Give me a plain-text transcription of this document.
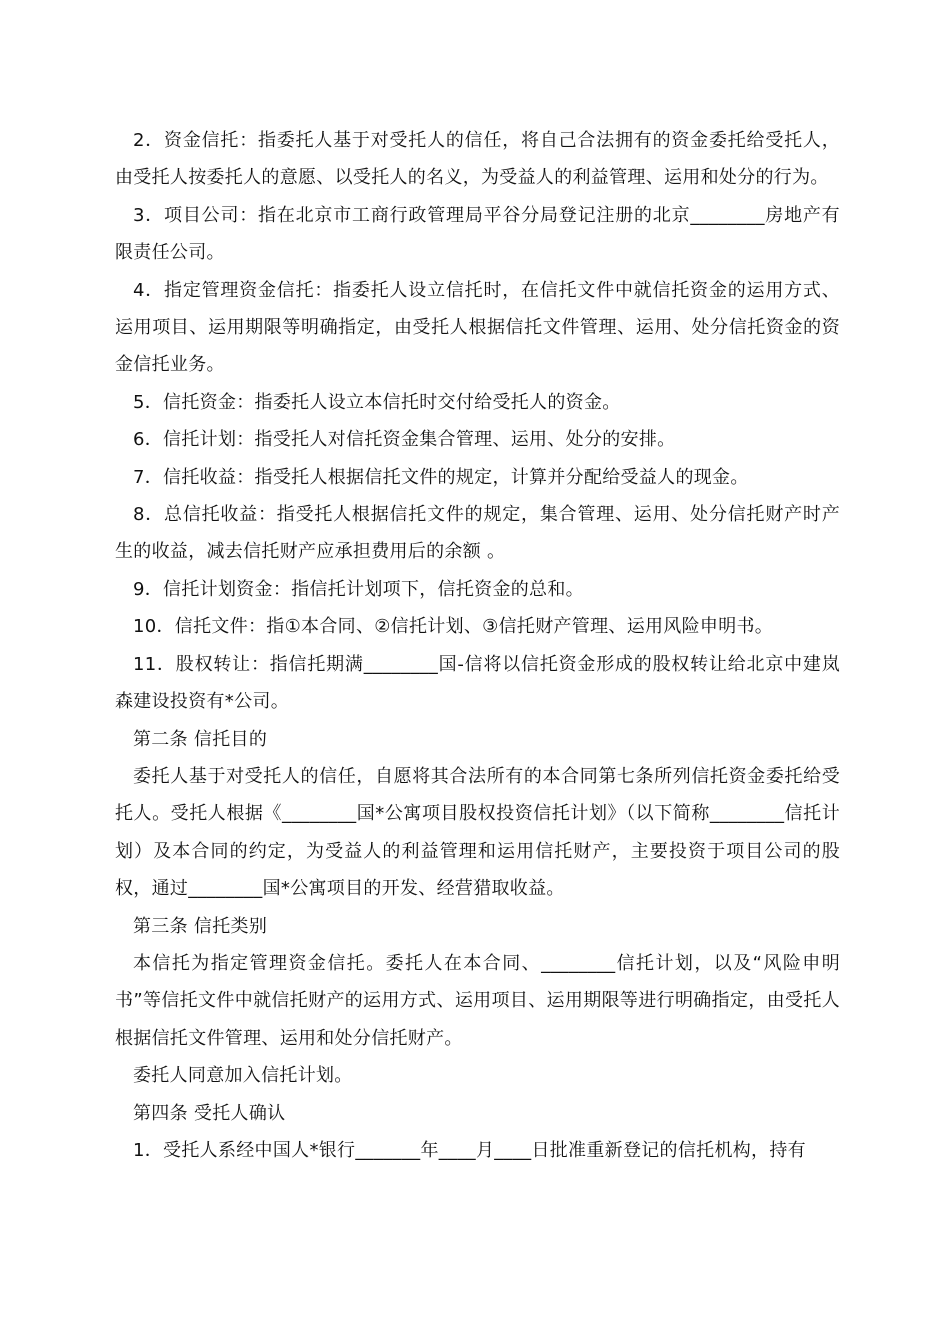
2．资金信托：指委托人基于对受托人的信任，将自己合法拥有的资金委托给受托人，由受托人按委托人的意愿、以受托人的名义，为受益人的利益管理、运用和处分的行为。

3．项目公司：指在北京市工商行政管理局平谷分局登记注册的北京________房地产有限责任公司。

4．指定管理资金信托：指委托人设立信托时，在信托文件中就信托资金的运用方式、运用项目、运用期限等明确指定，由受托人根据信托文件管理、运用、处分信托资金的资金信托业务。

5．信托资金：指委托人设立本信托时交付给受托人的资金。

6．信托计划：指受托人对信托资金集合管理、运用、处分的安排。

7．信托收益：指受托人根据信托文件的规定，计算并分配给受益人的现金。

8．总信托收益：指受托人根据信托文件的规定，集合管理、运用、处分信托财产时产生的收益，减去信托财产应承担费用后的余额 。

9．信托计划资金：指信托计划项下，信托资金的总和。

10．信托文件：指①本合同、②信托计划、③信托财产管理、运用风险申明书。

11．股权转让：指信托期满________国-信将以信托资金形成的股权转让给北京中建岚森建设投资有*公司。

第二条 信托目的

委托人基于对受托人的信任，自愿将其合法所有的本合同第七条所列信托资金委托给受托人。受托人根据《________国*公寓项目股权投资信托计划》（以下简称________信托计划）及本合同的约定，为受益人的利益管理和运用信托财产，主要投资于项目公司的股权，通过________国*公寓项目的开发、经营猎取收益。

第三条 信托类别

本信托为指定管理资金信托。委托人在本合同、________信托计划，以及“风险申明书”等信托文件中就信托财产的运用方式、运用项目、运用期限等进行明确指定，由受托人根据信托文件管理、运用和处分信托财产。

委托人同意加入信托计划。

第四条 受托人确认

1．受托人系经中国人*银行_______年____月____日批准重新登记的信托机构，持有
